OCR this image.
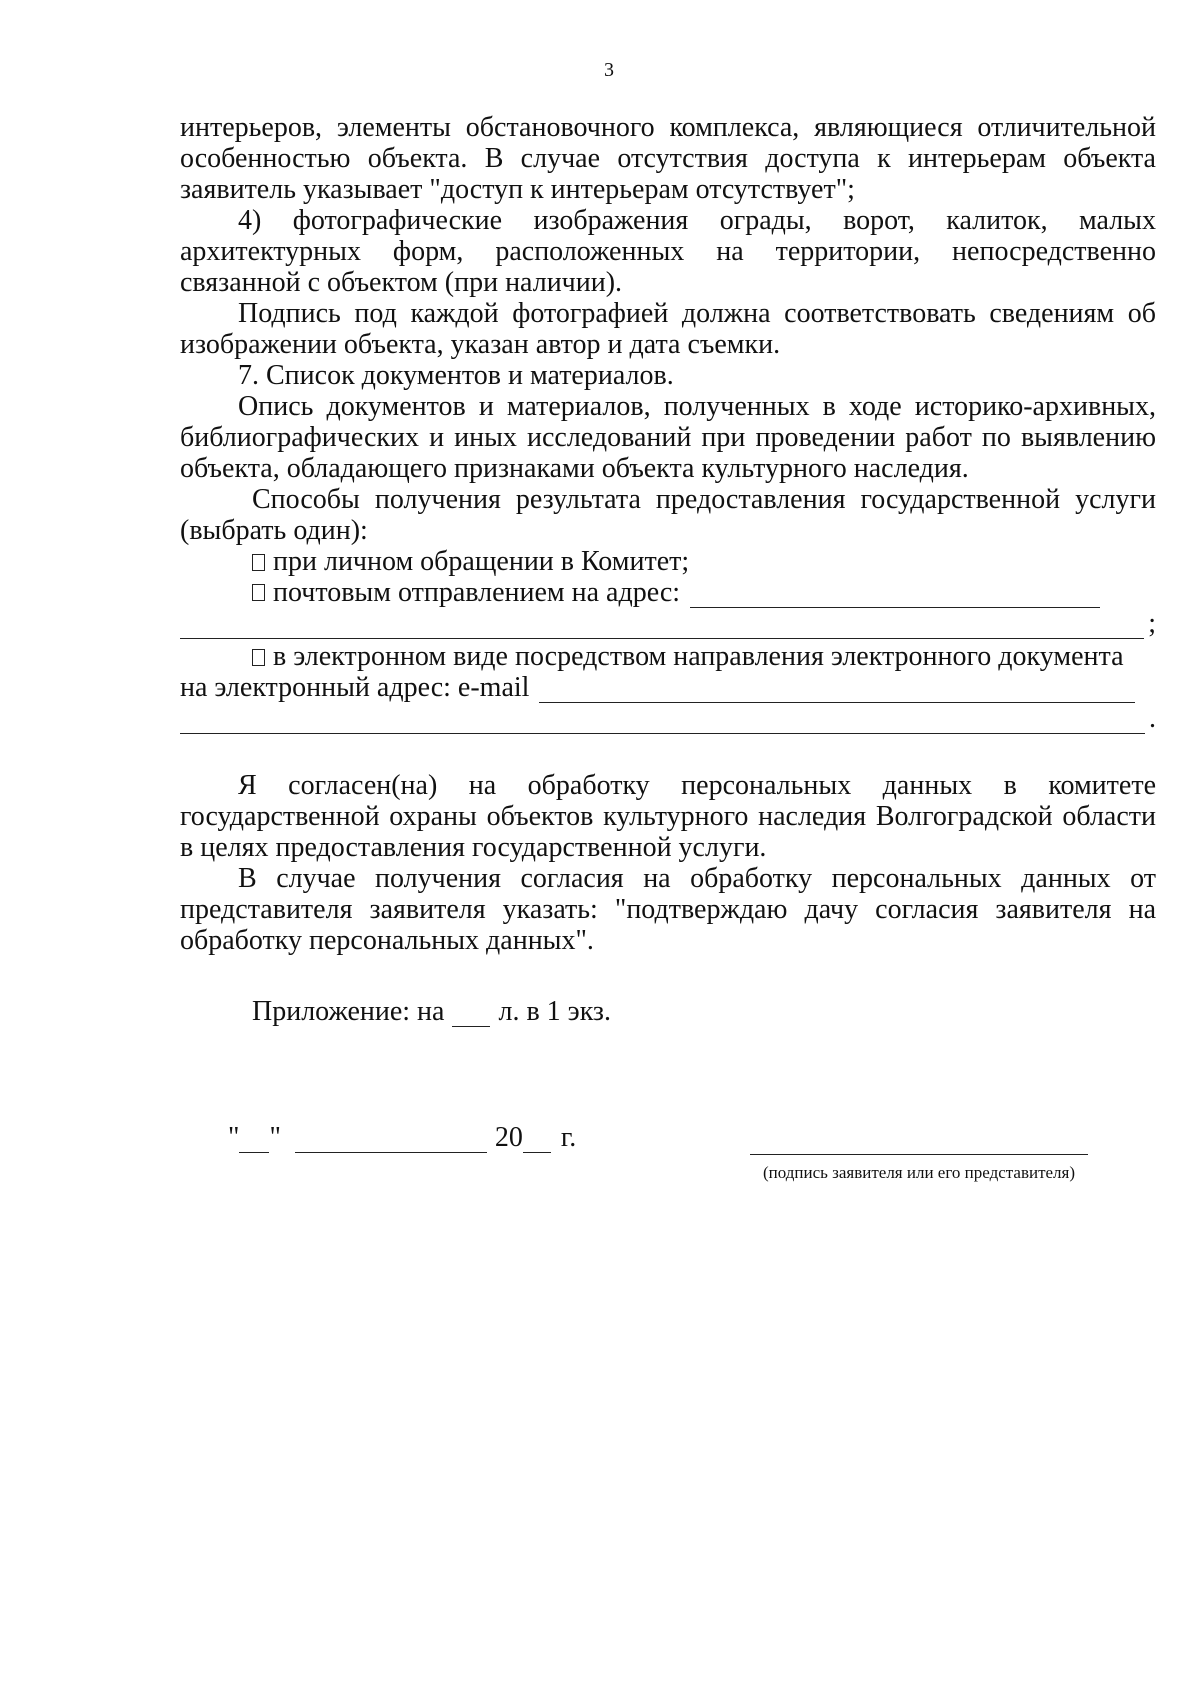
3

интерьеров, элементы обстановочного комплекса, являющиеся отличительной особенностью объекта. В случае отсутствия доступа к интерьерам объекта заявитель указывает "доступ к интерьерам отсутствует";

4) фотографические изображения ограды, ворот, калиток, малых архитектурных форм, расположенных на территории, непосредственно связанной с объектом (при наличии).

Подпись под каждой фотографией должна соответствовать сведениям об изображении объекта, указан автор и дата съемки.

7. Список документов и материалов.

Опись документов и материалов, полученных в ходе историко-архивных, библиографических и иных исследований при проведении работ по выявлению объекта, обладающего признаками объекта культурного наследия.

Способы получения результата предоставления государственной услуги (выбрать один):

при личном обращении в Комитет;
почтовым отправлением на адрес:
;
в электронном виде посредством направления электронного документа
на электронный адрес: e-mail
.

Я согласен(на) на обработку персональных данных в комитете государственной охраны объектов культурного наследия Волгоградской области в целях предоставления государственной услуги.

В случае получения согласия на обработку персональных данных от представителя заявителя указать: "подтверждаю дачу согласия заявителя на обработку персональных данных".

Приложение: на л. в 1 экз.
" "	20 г.
(подпись заявителя или его представителя)
